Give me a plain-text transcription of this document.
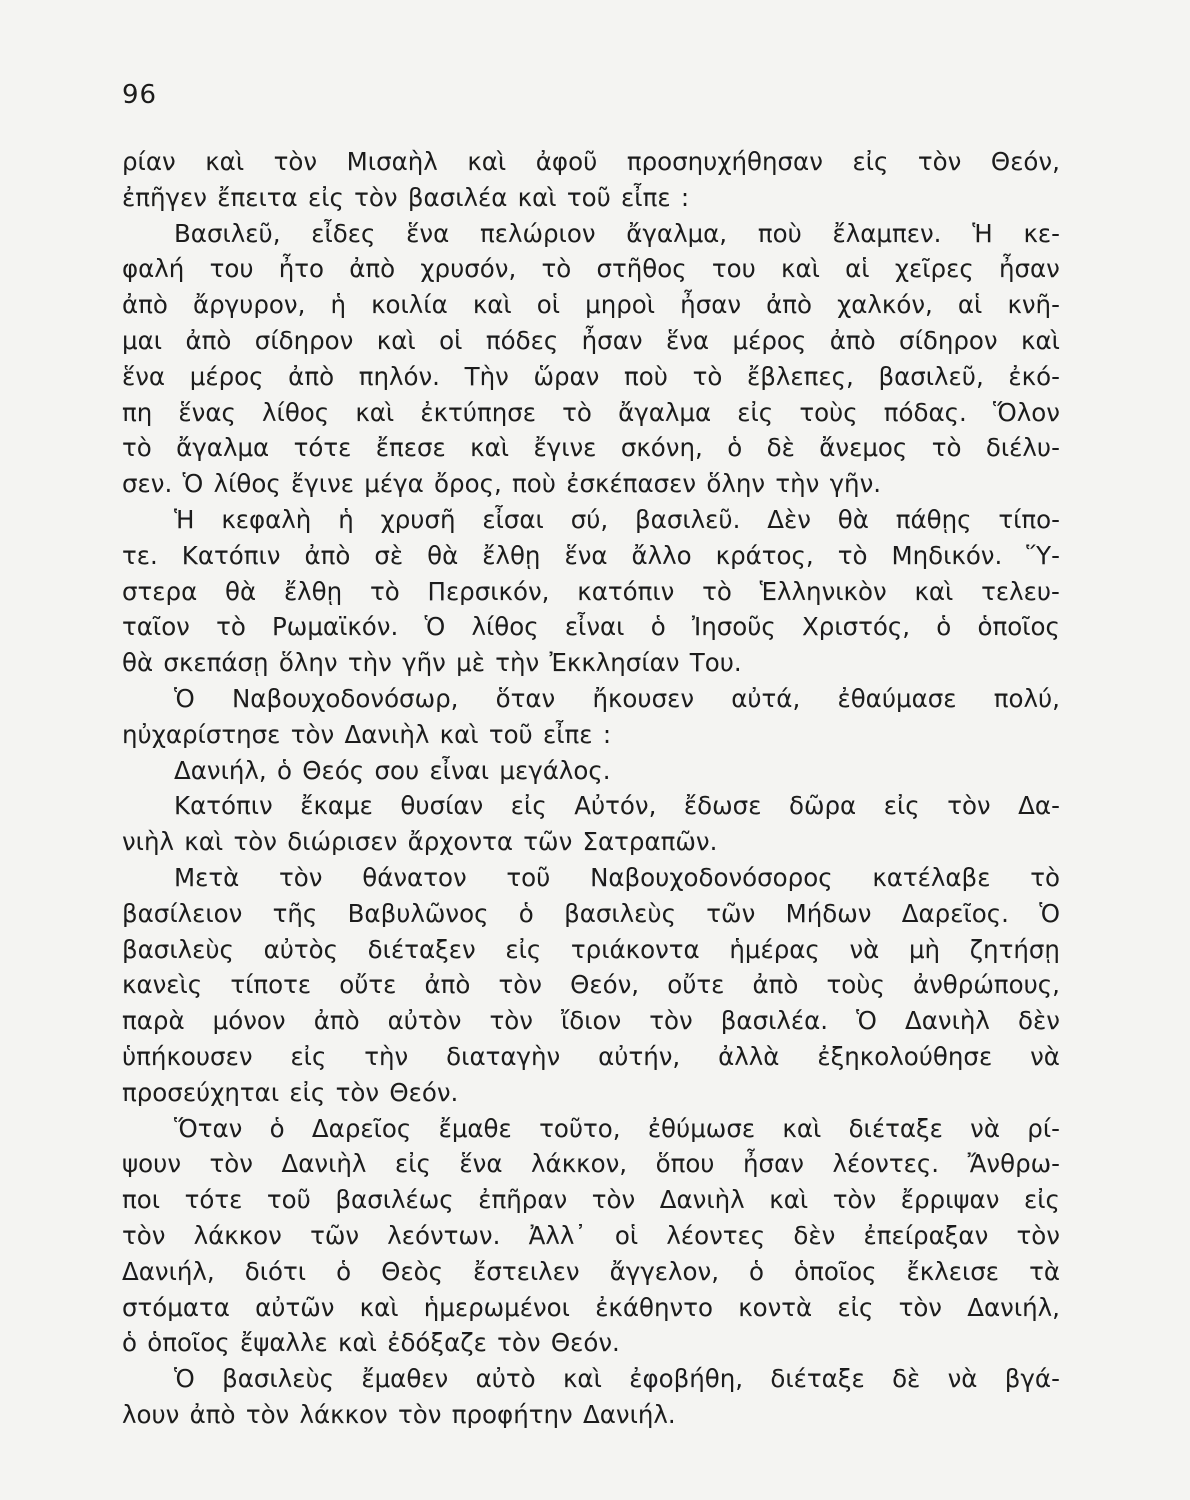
96
ρίαν καὶ τὸν Μισαὴλ καὶ ἀφοῦ προσηυχήθησαν εἰς τὸν Θεόν,
ἐπῆγεν ἔπειτα εἰς τὸν βασιλέα καὶ τοῦ εἶπε :
Βασιλεῦ, εἶδες ἕνα πελώριον ἄγαλμα, ποὺ ἔλαμπεν. Ἡ κε-
φαλή του ἦτο ἀπὸ χρυσόν, τὸ στῆθος του καὶ αἱ χεῖρες ἦσαν
ἀπὸ ἄργυρον, ἡ κοιλία καὶ οἱ μηροὶ ἦσαν ἀπὸ χαλκόν, αἱ κνῆ-
μαι ἀπὸ σίδηρον καὶ οἱ πόδες ἦσαν ἕνα μέρος ἀπὸ σίδηρον καὶ
ἕνα μέρος ἀπὸ πηλόν. Τὴν ὥραν ποὺ τὸ ἔβλεπες, βασιλεῦ, ἐκό-
πη ἕνας λίθος καὶ ἐκτύπησε τὸ ἄγαλμα εἰς τοὺς πόδας. Ὅλον
τὸ ἄγαλμα τότε ἔπεσε καὶ ἔγινε σκόνη, ὁ δὲ ἄνεμος τὸ διέλυ-
σεν. Ὁ λίθος ἔγινε μέγα ὄρος, ποὺ ἐσκέπασεν ὅλην τὴν γῆν.
Ἡ κεφαλὴ ἡ χρυσῆ εἶσαι σύ, βασιλεῦ. Δὲν θὰ πάθῃς τίπο-
τε. Κατόπιν ἀπὸ σὲ θὰ ἔλθῃ ἕνα ἄλλο κράτος, τὸ Μηδικόν. Ὕ-
στερα θὰ ἔλθῃ τὸ Περσικόν, κατόπιν τὸ Ἑλληνικὸν καὶ τελευ-
ταῖον τὸ Ρωμαϊκόν. Ὁ λίθος εἶναι ὁ Ἰησοῦς Χριστός, ὁ ὁποῖος
θὰ σκεπάσῃ ὅλην τὴν γῆν μὲ τὴν Ἐκκλησίαν Του.
Ὁ Ναβουχοδονόσωρ, ὅταν ἤκουσεν αὐτά, ἐθαύμασε πολύ,
ηὐχαρίστησε τὸν Δανιὴλ καὶ τοῦ εἶπε :
Δανιήλ, ὁ Θεός σου εἶναι μεγάλος.
Κατόπιν ἔκαμε θυσίαν εἰς Αὐτόν, ἔδωσε δῶρα εἰς τὸν Δα-
νιὴλ καὶ τὸν διώρισεν ἄρχοντα τῶν Σατραπῶν.
Μετὰ τὸν θάνατον τοῦ Ναβουχοδονόσορος κατέλαβε τὸ
βασίλειον τῆς Βαβυλῶνος ὁ βασιλεὺς τῶν Μήδων Δαρεῖος. Ὁ
βασιλεὺς αὐτὸς διέταξεν εἰς τριάκοντα ἡμέρας νὰ μὴ ζητήσῃ
κανεὶς τίποτε οὔτε ἀπὸ τὸν Θεόν, οὔτε ἀπὸ τοὺς ἀνθρώπους,
παρὰ μόνον ἀπὸ αὐτὸν τὸν ἴδιον τὸν βασιλέα. Ὁ Δανιὴλ δὲν
ὑπήκουσεν εἰς τὴν διαταγὴν αὐτήν, ἀλλὰ ἐξηκολούθησε νὰ
προσεύχηται εἰς τὸν Θεόν.
Ὅταν ὁ Δαρεῖος ἔμαθε τοῦτο, ἐθύμωσε καὶ διέταξε νὰ ρί-
ψουν τὸν Δανιὴλ εἰς ἕνα λάκκον, ὅπου ἦσαν λέοντες. Ἄνθρω-
ποι τότε τοῦ βασιλέως ἐπῆραν τὸν Δανιὴλ καὶ τὸν ἔρριψαν εἰς
τὸν λάκκον τῶν λεόντων. Ἀλλ᾽ οἱ λέοντες δὲν ἐπείραξαν τὸν
Δανιήλ, διότι ὁ Θεὸς ἔστειλεν ἄγγελον, ὁ ὁποῖος ἔκλεισε τὰ
στόματα αὐτῶν καὶ ἡμερωμένοι ἐκάθηντο κοντὰ εἰς τὸν Δανιήλ,
ὁ ὁποῖος ἔψαλλε καὶ ἐδόξαζε τὸν Θεόν.
Ὁ βασιλεὺς ἔμαθεν αὐτὸ καὶ ἐφοβήθη, διέταξε δὲ νὰ βγά-
λουν ἀπὸ τὸν λάκκον τὸν προφήτην Δανιήλ.
